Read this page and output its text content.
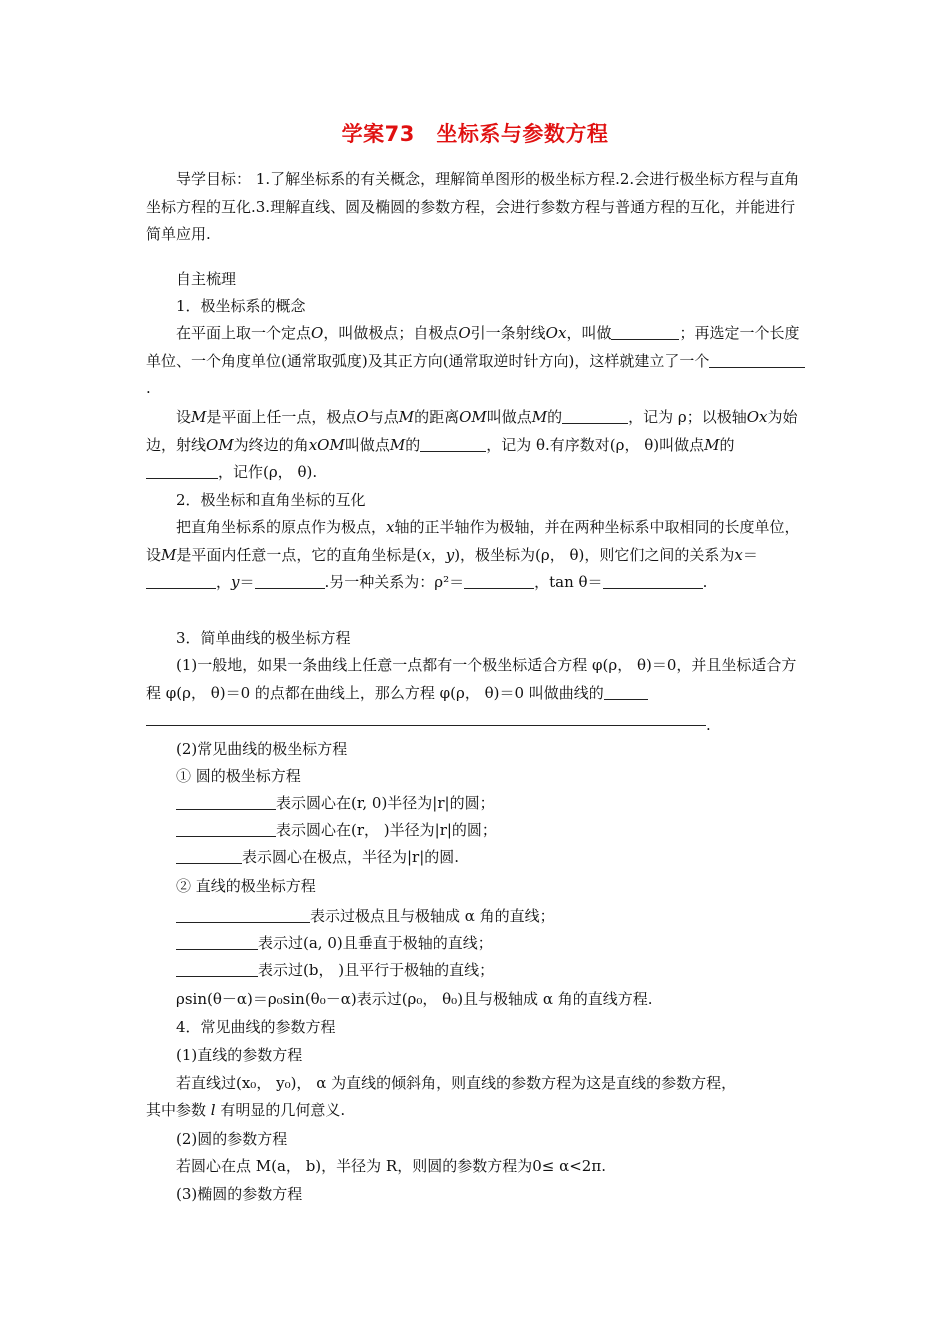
学案73　坐标系与参数方程

导学目标： 1.了解坐标系的有关概念，理解简单图形的极坐标方程.2.会进行极坐标方程与直角坐标方程的互化.3.理解直线、圆及椭圆的参数方程，会进行参数方程与普通方程的互化，并能进行简单应用.

自主梳理
1．极坐标系的概念

在平面上取一个定点O，叫做极点；自极点O引一条射线Ox，叫做	；再选定一个长度单位、一个角度单位(通常取弧度)及其正方向(通常取逆时针方向)，这样就建立了一个.

设M是平面上任一点，极点O与点M的距离OM叫做点M的	，记为 ρ；以极轴Ox为始边，射线OM为终边的角xOM叫做点M的	，记为 θ.有序数对(ρ， θ)叫做点M的，记作(ρ， θ).

2．极坐标和直角坐标的互化

把直角坐标系的原点作为极点，x轴的正半轴作为极轴，并在两种坐标系中取相同的长度单位，设M是平面内任意一点，它的直角坐标是(x，y)，极坐标为(ρ， θ)，则它们之间的关系为x＝，y＝	.另一种关系为：ρ²＝	，tan θ＝	.

3．简单曲线的极坐标方程

(1)一般地，如果一条曲线上任意一点都有一个极坐标适合方程 φ(ρ， θ)＝0，并且坐标适合方程 φ(ρ， θ)＝0 的点都在曲线上，那么方程 φ(ρ， θ)＝0 叫做曲线的

.
(2)常见曲线的极坐标方程
① 圆的极坐标方程
表示圆心在(r, 0)半径为|r|的圆；
表示圆心在(r， )半径为|r|的圆；
表示圆心在极点，半径为|r|的圆.
② 直线的极坐标方程
表示过极点且与极轴成 α 角的直线；
表示过(a, 0)且垂直于极轴的直线；
表示过(b， )且平行于极轴的直线；
ρsin(θ－α)＝ρ₀sin(θ₀－α)表示过(ρ₀， θ₀)且与极轴成 α 角的直线方程.
4．常见曲线的参数方程
(1)直线的参数方程
若直线过(x₀， y₀)， α 为直线的倾斜角，则直线的参数方程为这是直线的参数方程，
其中参数 l 有明显的几何意义.
(2)圆的参数方程
若圆心在点 M(a， b)，半径为 R，则圆的参数方程为0≤ α<2π.
(3)椭圆的参数方程
